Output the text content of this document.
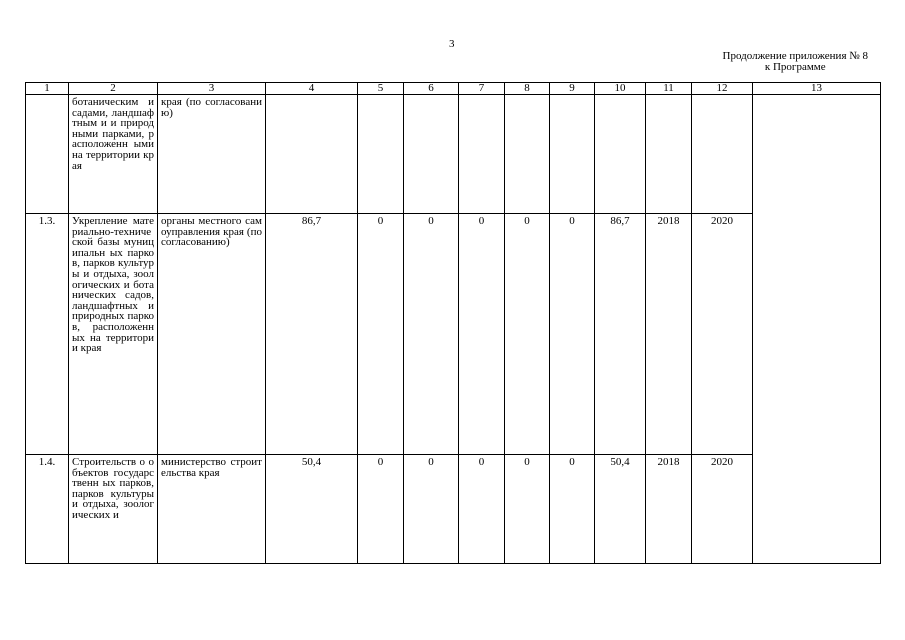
3
Продолжение приложения № 8
к Программе
1	2	3	4	5	6	7	8	9	10	11	12	13
	ботаническим и садами, ландшафтным и и природными парками, расположенн ыми на территории края	края (по согласованию)										
1.3.	Укрепление материально-технической базы муниципальн ых парков, парков культуры и отдыха, зоологических и ботанических садов, ландшафтных и природных парков, расположенн ых на территории края	органы местного самоуправления края (по согласованию)	86,7	0	0	0	0	0	86,7	2018	2020	
1.4.	Строительств о объектов государственн ых парков, парков культуры и отдыха, зоологических и	министерство строительства края	50,4	0	0	0	0	0	50,4	2018	2020	
